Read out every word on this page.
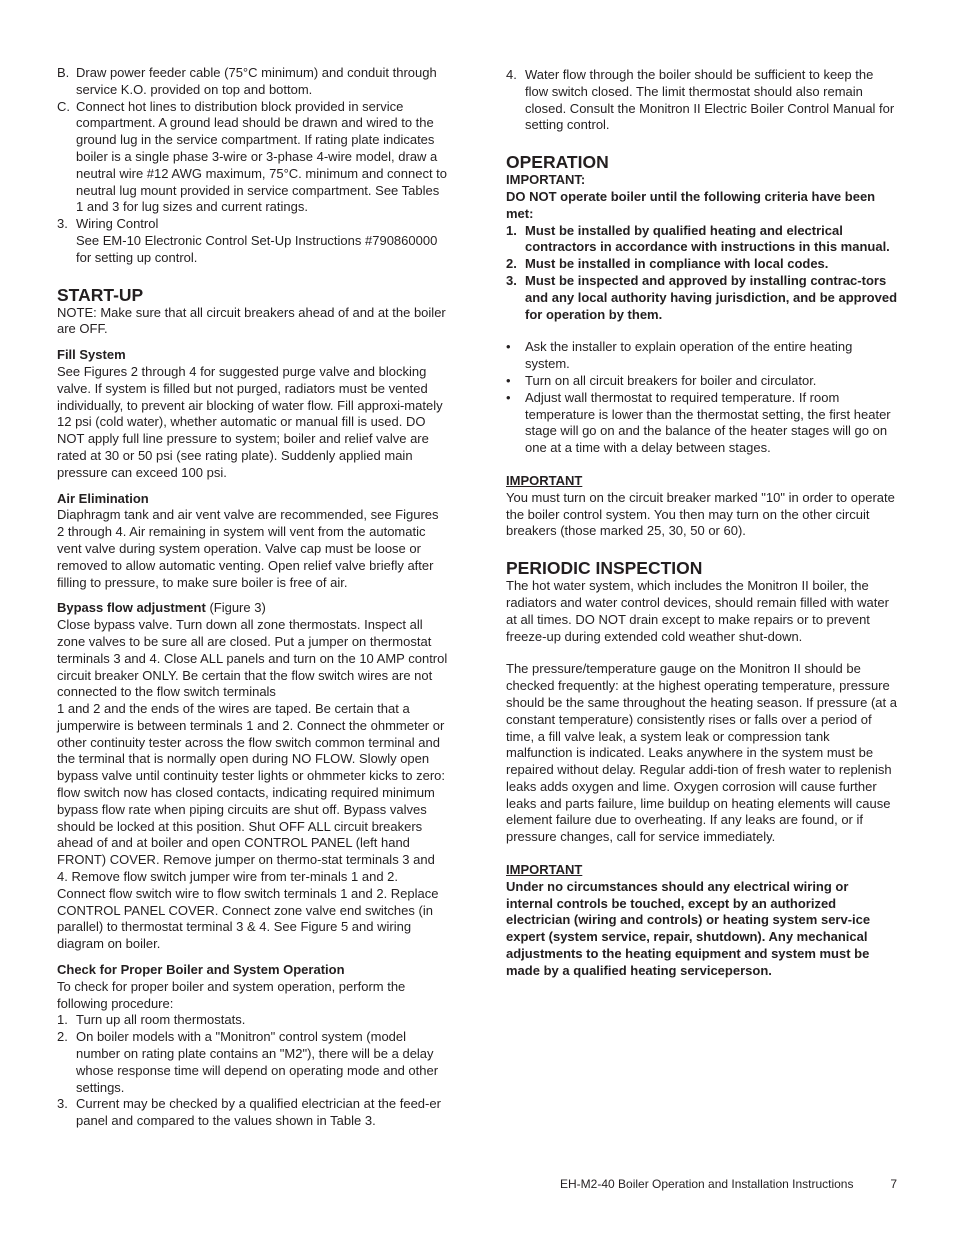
B. Draw power feeder cable (75°C minimum) and conduit through service K.O. provided on top and bottom.
C. Connect hot lines to distribution block provided in service compartment. A ground lead should be drawn and wired to the ground lug in the service compartment. If rating plate indicates boiler is a single phase 3-wire or 3-phase 4-wire model, draw a neutral wire #12 AWG maximum, 75°C. minimum and connect to neutral lug mount provided in service compartment. See Tables 1 and 3 for lug sizes and current ratings.
3. Wiring Control

See EM-10 Electronic Control Set-Up Instructions #790860000 for setting up control.

START-UP

NOTE: Make sure that all circuit breakers ahead of and at the boiler are OFF.

Fill System

See Figures 2 through 4 for suggested purge valve and blocking valve. If system is filled but not purged, radiators must be vented individually, to prevent air blocking of water flow. Fill approxi-mately 12 psi (cold water), whether automatic or manual fill is used. DO NOT apply full line pressure to system; boiler and relief valve are rated at 30 or 50 psi (see rating plate). Suddenly applied main pressure can exceed 100 psi.

Air Elimination

Diaphragm tank and air vent valve are recommended, see Figures 2 through 4. Air remaining in system will vent from the automatic vent valve during system operation. Valve cap must be loose or removed to allow automatic venting. Open relief valve briefly after filling to pressure, to make sure boiler is free of air.

Bypass flow adjustment (Figure 3)

Close bypass valve. Turn down all zone thermostats. Inspect all zone valves to be sure all are closed. Put a jumper on thermostat terminals 3 and 4. Close ALL panels and turn on the 10 AMP control circuit breaker ONLY. Be certain that the flow switch wires are not connected to the flow switch terminals

1 and 2 and the ends of the wires are taped. Be certain that a jumperwire is between terminals 1 and 2. Connect the ohmmeter or other continuity tester across the flow switch common terminal and the terminal that is normally open during NO FLOW. Slowly open bypass valve until continuity tester lights or ohmmeter kicks to zero: flow switch now has closed contacts, indicating required minimum bypass flow rate when piping circuits are shut off. Bypass valves should be locked at this position. Shut OFF ALL circuit breakers ahead of and at boiler and open CONTROL PANEL (left hand FRONT) COVER. Remove jumper on thermo-stat terminals 3 and 4. Remove flow switch jumper wire from ter-minals 1 and 2. Connect flow switch wire to flow switch terminals 1 and 2. Replace CONTROL PANEL COVER. Connect zone valve end switches (in parallel) to thermostat terminal 3 & 4. See Figure 5 and wiring diagram on boiler.

Check for Proper Boiler and System Operation

To check for proper boiler and system operation, perform the following procedure:

1. Turn up all room thermostats.
2. On boiler models with a "Monitron" control system (model number on rating plate contains an "M2"), there will be a delay whose response time will depend on operating mode and other settings.
3. Current may be checked by a qualified electrician at the feed-er panel and compared to the values shown in Table 3.
4. Water flow through the boiler should be sufficient to keep the flow switch closed. The limit thermostat should also remain closed. Consult the Monitron II Electric Boiler Control Manual for setting control.
OPERATION
IMPORTANT:
DO NOT operate boiler until the following criteria have been met:
1. Must be installed by qualified heating and electrical contractors in accordance with instructions in this manual.
2. Must be installed in compliance with local codes.
3. Must be inspected and approved by installing contrac-tors and any local authority having jurisdiction, and be approved for operation by them.
• Ask the installer to explain operation of the entire heating system.
• Turn on all circuit breakers for boiler and circulator.
• Adjust wall thermostat to required temperature. If room temperature is lower than the thermostat setting, the first heater stage will go on and the balance of the heater stages will go on one at a time with a delay between stages.
IMPORTANT

You must turn on the circuit breaker marked "10" in order to operate the boiler control system. You then may turn on the other circuit breakers (those marked 25, 30, 50 or 60).

PERIODIC INSPECTION

The hot water system, which includes the Monitron II boiler, the radiators and water control devices, should remain filled with water at all times. DO NOT drain except to make repairs or to prevent freeze-up during extended cold weather shut-down.

The pressure/temperature gauge on the Monitron II should be checked frequently: at the highest operating temperature, pressure should be the same throughout the heating season. If pressure (at a constant temperature) consistently rises or falls over a period of time, a fill valve leak, a system leak or compression tank malfunction is indicated. Leaks anywhere in the system must be repaired without delay. Regular addi-tion of fresh water to replenish leaks adds oxygen and lime. Oxygen corrosion will cause further leaks and parts failure, lime buildup on heating elements will cause element failure due to overheating. If any leaks are found, or if pressure changes, call for service immediately.

IMPORTANT

Under no circumstances should any electrical wiring or internal controls be touched, except by an authorized electrician (wiring and controls) or heating system serv-ice expert (system service, repair, shutdown). Any mechanical adjustments to the heating equipment and system must be made by a qualified heating serviceperson.

EH-M2-40 Boiler Operation and Installation Instructions	7
